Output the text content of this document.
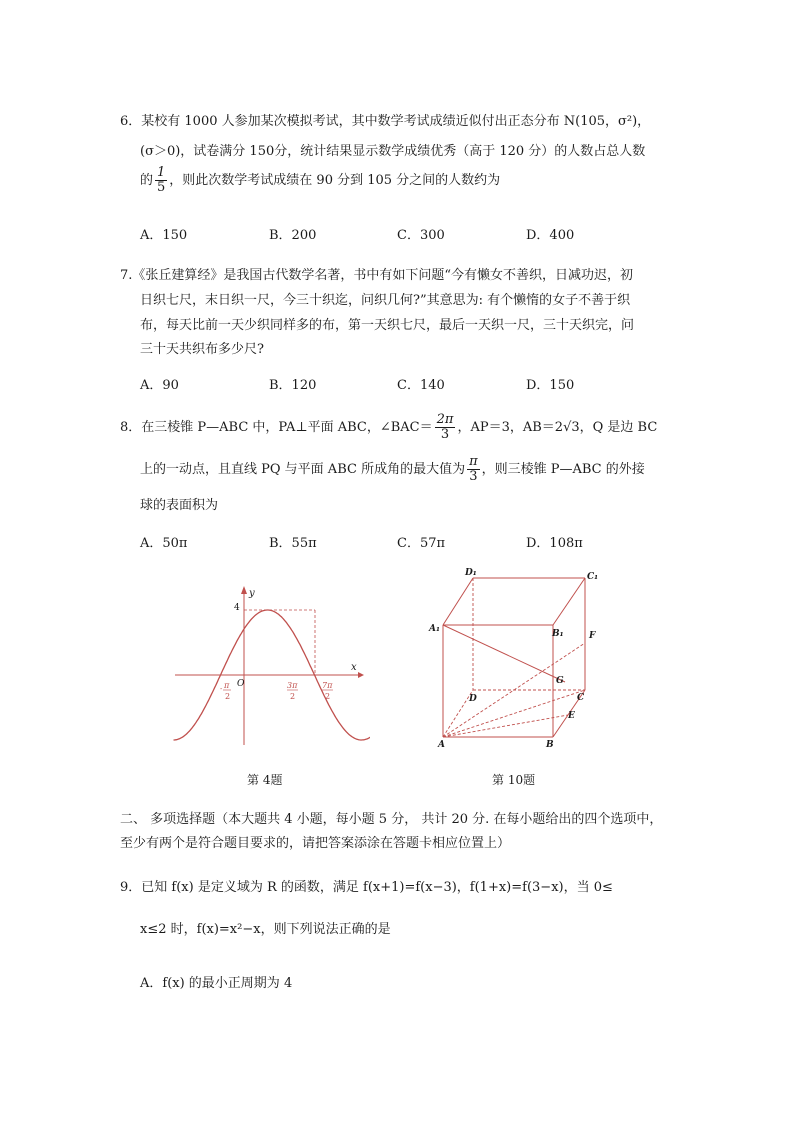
6．某校有 1000 人参加某次模拟考试，其中数学考试成绩近似付出正态分布 N(105，σ²)，
(σ＞0)，试卷满分 150分，统计结果显示数学成绩优秀（高于 120 分）的人数占总人数
的 $\frac{1}{5}$ ，则此次数学考试成绩在 90 分到 105 分之间的人数约为
A．150	B．200	C．300	D．400
7.《张丘建算经》是我国古代数学名著，书中有如下问题“今有懒女不善织，日减功迟，初
日织七尺，末日织一尺，今三十织迄，问织几何?”其意思为: 有个懒惰的女子不善于织
布，每天比前一天少织同样多的布，第一天织七尺，最后一天织一尺，三十天织完，问
三十天共织布多少尺?
A．90	B．120	C．140	D．150
8．在三棱锥 P—ABC 中，PA⊥平面 ABC，∠BAC＝ $\frac{2\pi}{3}$ ，AP＝3，AB＝2√3，Q 是边 BC
上的一动点，且直线 PQ 与平面 ABC 所成角的最大值为 $\frac{\pi}{3}$ ，则三棱锥 P—ABC 的外接
球的表面积为
A．50π	B．55π	C．57π	D．108π
y
x
4
O
- π
2
3π
2
7π
2
第 4题
D₁	C₁
A₁	B₁	F
G
D	C
E
A	B
第 10题
二、 多项选择题（本大题共 4 小题，每小题 5 分， 共计 20 分. 在每小题给出的四个选项中，
至少有两个是符合题目要求的，请把答案添涂在答题卡相应位置上）
9．已知 f(x) 是定义域为 R 的函数，满足 f(x+1)=f(x−3)，f(1+x)=f(3−x)，当 0≤
x≤2 时，f(x)=x²−x，则下列说法正确的是
A．f(x) 的最小正周期为 4
